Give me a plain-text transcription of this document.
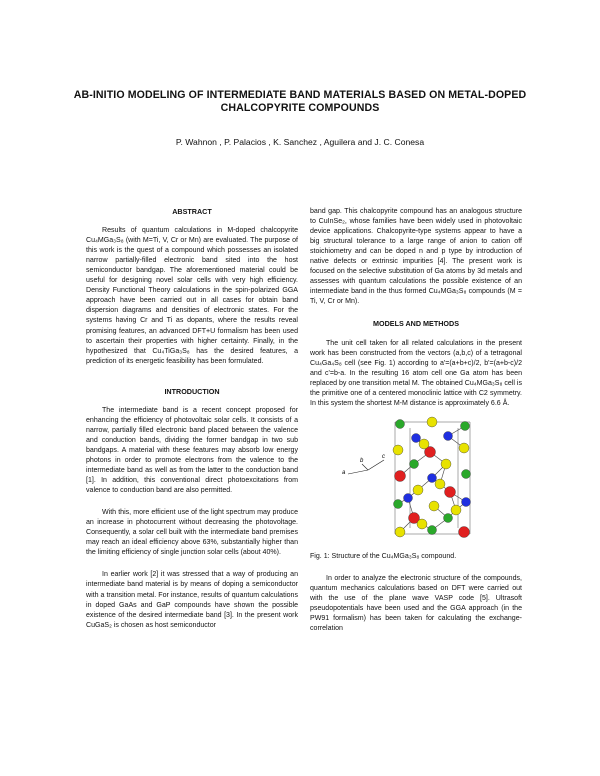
AB-INITIO MODELING OF INTERMEDIATE BAND MATERIALS BASED ON METAL-DOPED CHALCOPYRITE COMPOUNDS
P. Wahnon , P. Palacios , K. Sanchez , Aguilera and J. C. Conesa
ABSTRACT

Results of quantum calculations in M-doped chalcopyrite Cu₄MGa₃S₈ (with M=Ti, V, Cr or Mn) are evaluated. The purpose of this work is the quest of a compound which possesses an isolated narrow partially-filled electronic band sited into the host semiconductor bandgap. The aforementioned material could be useful for designing novel solar cells with very high efficiency. Density Functional Theory calculations in the spin-polarized GGA approach have been carried out in all cases for obtain band dispersion diagrams and densities of electronic states. For the systems having Cr and Ti as dopants, where the results reveal promising features, an advanced DFT+U formalism has been used to ascertain their properties with higher certainty. Finally, in the hypothesized that Cu₄TiGa₃S₈ has the desired features, a prediction of its energetic feasibility has been formulated.

INTRODUCTION

The intermediate band is a recent concept proposed for enhancing the efficiency of photovoltaic solar cells. It consists of a narrow, partially filled electronic band placed between the valence and conduction bands, dividing the former bandgap in two sub bandgaps. A material with these features may absorb low energy photons in order to promote electrons from the valence to the intermediate band as well as from the latter to the conduction band [1]. In addition, this conventional direct photoexcitations from valence to conduction band are also permitted.

With this, more efficient use of the light spectrum may produce an increase in photocurrent without decreasing the photovoltage. Consequently, a solar cell built with the intermediate band premises may reach an ideal efficiency above 63%, substantially higher than the limiting efficiency of single junction solar cells (about 40%).

In earlier work [2] it was stressed that a way of producing an intermediate band material is by means of doping a semiconductor with a transition metal. For instance, results of quantum calculations in doped GaAs and GaP compounds have shown the possible existence of the desired intermediate band [3]. In the present work CuGaS₂ is chosen as host semiconductor

band gap. This chalcopyrite compound has an analogous structure to CuInSe₂, whose families have been widely used in photovoltaic device applications. Chalcopyrite-type systems appear to have a big structural tolerance to a large range of anion to cation off stoichiometry and can be doped n and p type by introduction of native defects or extrinsic impurities [4]. The present work is focused on the selective substitution of Ga atoms by 3d metals and assesses with quantum calculations the possible existence of an intermediate band in the thus formed Cu₄MGa₃S₈ compounds (M = Ti, V, Cr or Mn).

MODELS AND METHODS

The unit cell taken for all related calculations in the present work has been constructed from the vectors (a,b,c) of a tetragonal Cu₄Ga₄S₈ cell (see Fig. 1) according to a'=(a+b+c)/2, b'=(a+b-c)/2 and c'=b-a. In the resulting 16 atom cell one Ga atom has been replaced by one transition metal M. The obtained Cu₄MGa₃S₈ cell is the primitive one of a centered monoclinic lattice with C2 symmetry. In this system the shortest M-M distance is approximately 6.6 Å.

a
b
c

Fig. 1: Structure of the Cu₄MGa₃S₈ compound.

In order to analyze the electronic structure of the compounds, quantum mechanics calculations based on DFT were carried out with the use of the plane wave VASP code [5]. Ultrasoft pseudopotentials have been used and the GGA approach (in the PW91 formalism) has been taken for calculating the exchange-correlation
